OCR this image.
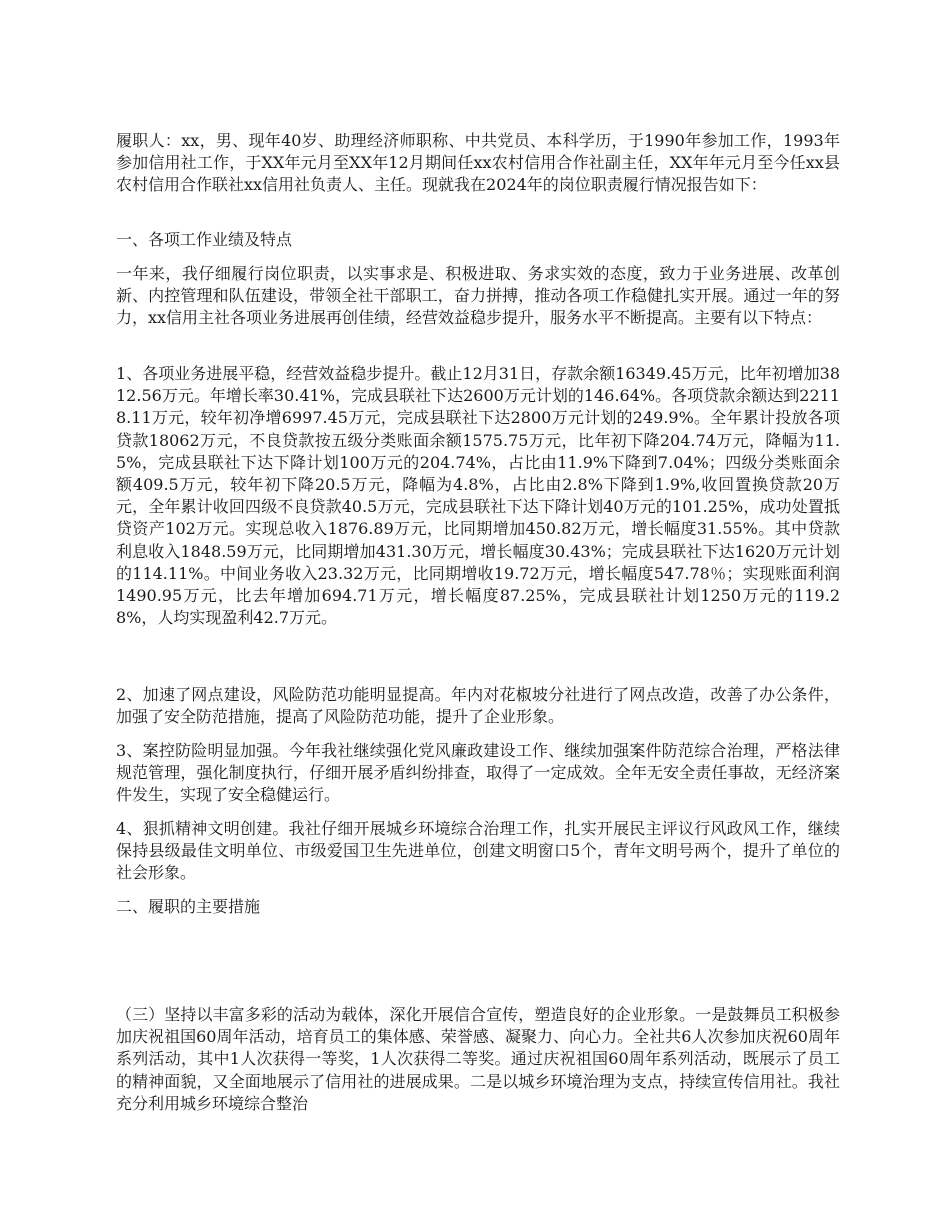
履职人：xx，男、现年40岁、助理经济师职称、中共党员、本科学历，于1990年参加工作，1993年参加信用社工作，于XX年元月至XX年12月期间任xx农村信用合作社副主任，XX年年元月至今任xx县农村信用合作联社xx信用社负责人、主任。现就我在2024年的岗位职责履行情况报告如下：

一、各项工作业绩及特点

一年来，我仔细履行岗位职责，以实事求是、积极进取、务求实效的态度，致力于业务进展、改革创新、内控管理和队伍建设，带领全社干部职工，奋力拼搏，推动各项工作稳健扎实开展。通过一年的努力，xx信用主社各项业务进展再创佳绩，经营效益稳步提升，服务水平不断提高。主要有以下特点：

1、各项业务进展平稳，经营效益稳步提升。截止12月31日，存款余额16349.45万元，比年初增加3812.56万元。年增长率30.41%，完成县联社下达2600万元计划的146.64%。各项贷款余额达到22118.11万元，较年初净增6997.45万元，完成县联社下达2800万元计划的249.9%。全年累计投放各项贷款18062万元，不良贷款按五级分类账面余额1575.75万元，比年初下降204.74万元，降幅为11.5%，完成县联社下达下降计划100万元的204.74%，占比由11.9%下降到7.04%；四级分类账面余额409.5万元，较年初下降20.5万元，降幅为4.8%，占比由2.8%下降到1.9%,收回置换贷款20万元，全年累计收回四级不良贷款40.5万元，完成县联社下达下降计划40万元的101.25%，成功处置抵贷资产102万元。实现总收入1876.89万元，比同期增加450.82万元，增长幅度31.55%。其中贷款利息收入1848.59万元，比同期增加431.30万元，增长幅度30.43%；完成县联社下达1620万元计划的114.11%。中间业务收入23.32万元，比同期增收19.72万元，增长幅度547.78％；实现账面利润1490.95万元，比去年增加694.71万元，增长幅度87.25%，完成县联社计划1250万元的119.28%，人均实现盈利42.7万元。

2、加速了网点建设，风险防范功能明显提高。年内对花椒坡分社进行了网点改造，改善了办公条件，加强了安全防范措施，提高了风险防范功能，提升了企业形象。

3、案控防险明显加强。今年我社继续强化党风廉政建设工作、继续加强案件防范综合治理，严格法律规范管理，强化制度执行，仔细开展矛盾纠纷排查，取得了一定成效。全年无安全责任事故，无经济案件发生，实现了安全稳健运行。

4、狠抓精神文明创建。我社仔细开展城乡环境综合治理工作，扎实开展民主评议行风政风工作，继续保持县级最佳文明单位、市级爱国卫生先进单位，创建文明窗口5个，青年文明号两个，提升了单位的社会形象。

二、履职的主要措施

（三）坚持以丰富多彩的活动为载体，深化开展信合宣传，塑造良好的企业形象。一是鼓舞员工积极参加庆祝祖国60周年活动，培育员工的集体感、荣誉感、凝聚力、向心力。全社共6人次参加庆祝60周年系列活动，其中1人次获得一等奖，1人次获得二等奖。通过庆祝祖国60周年系列活动，既展示了员工的精神面貌，又全面地展示了信用社的进展成果。二是以城乡环境治理为支点，持续宣传信用社。我社充分利用城乡环境综合整治
